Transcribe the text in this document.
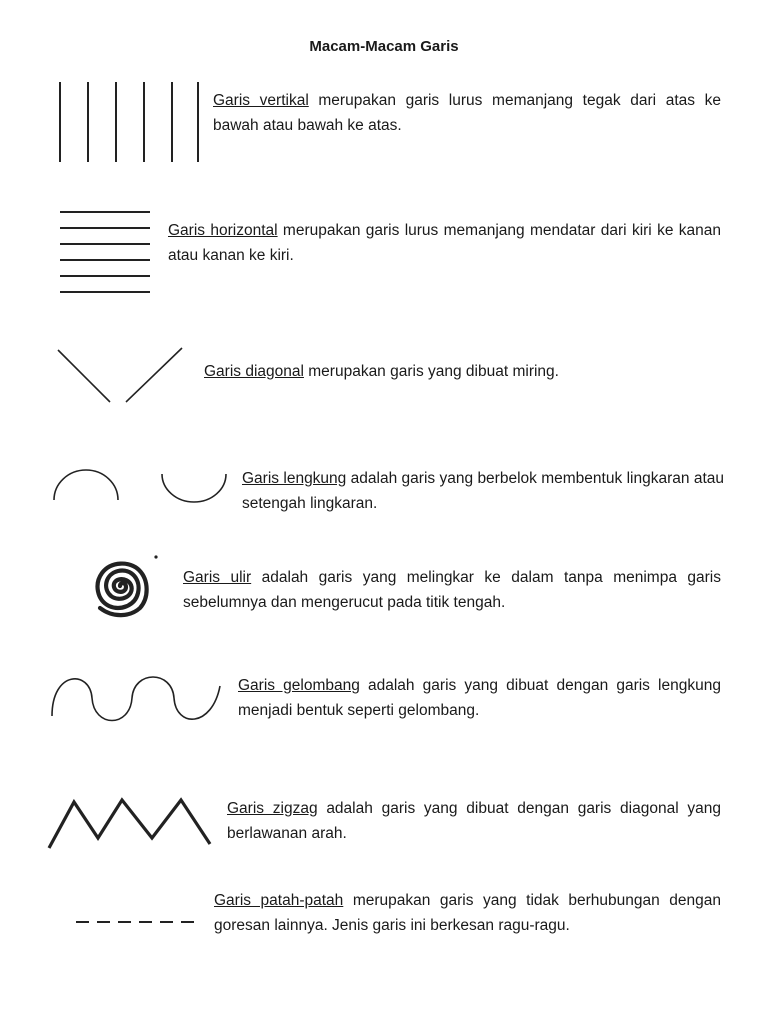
Macam-Macam Garis
Garis vertikal merupakan garis lurus memanjang tegak dari atas ke bawah atau bawah ke atas.
Garis horizontal merupakan garis lurus memanjang mendatar dari kiri ke kanan atau kanan ke kiri.
Garis diagonal merupakan garis yang dibuat miring.
Garis lengkung adalah garis yang berbelok membentuk lingkaran atau setengah lingkaran.
Garis ulir adalah garis yang melingkar ke dalam tanpa menimpa garis sebelumnya dan mengerucut pada titik tengah.
Garis gelombang adalah garis yang dibuat dengan garis lengkung menjadi bentuk seperti gelombang.
Garis zigzag adalah garis yang dibuat dengan garis diagonal yang berlawanan arah.
Garis patah-patah merupakan garis yang tidak berhubungan dengan goresan lainnya. Jenis garis ini berkesan ragu-ragu.
